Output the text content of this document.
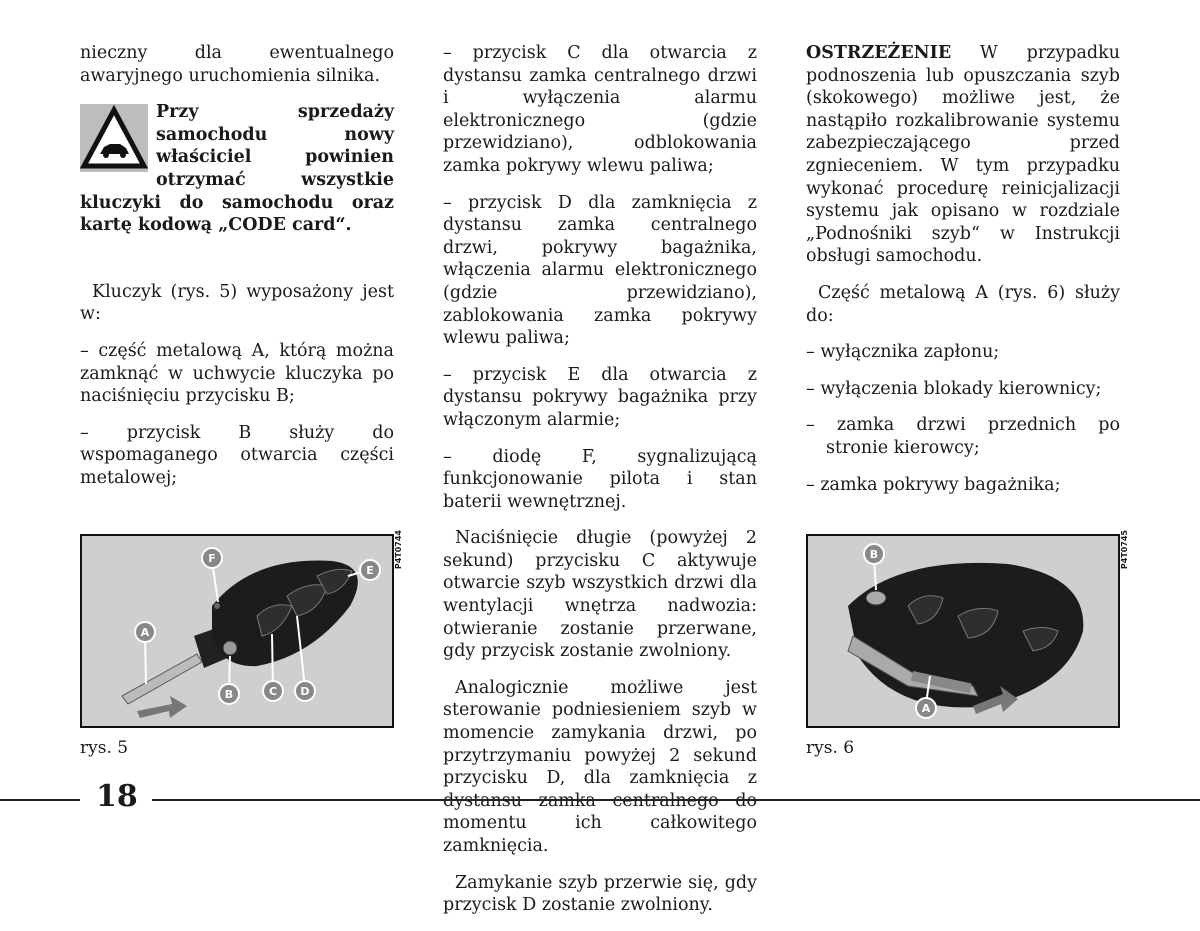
nieczny dla ewentualnego awaryjnego uruchomienia silnika.

Przy sprzedaży samochodu nowy właściciel powinien otrzymać wszystkie kluczyki do samochodu oraz kartę kodową „CODE card“.

Kluczyk (rys. 5) wyposażony jest w:

– część metalową A, którą można zamknąć w uchwycie kluczyka po naciśnięciu przycisku B;

– przycisk B służy do wspomaganego otwarcia części metalowej;

– przycisk C dla otwarcia z dystansu zamka centralnego drzwi i wyłączenia alarmu elektronicznego (gdzie przewidziano), odblokowania zamka pokrywy wlewu paliwa;

– przycisk D dla zamknięcia z dystansu zamka centralnego drzwi, pokrywy bagażnika, włączenia alarmu elektronicznego (gdzie przewidziano), zablokowania zamka pokrywy wlewu paliwa;

– przycisk E dla otwarcia z dystansu pokrywy bagażnika przy włączonym alarmie;

– diodę F, sygnalizującą funkcjonowanie pilota i stan baterii wewnętrznej.

Naciśnięcie długie (powyżej 2 sekund) przycisku C aktywuje otwarcie szyb wszystkich drzwi dla wentylacji wnętrza nadwozia: otwieranie zostanie przerwane, gdy przycisk zostanie zwolniony.

Analogicznie możliwe jest sterowanie podniesieniem szyb w momencie zamykania drzwi, po przytrzymaniu powyżej 2 sekund przycisku D, dla zamknięcia z momentu ich całkowitego zamknięcia.

Zamykanie szyb przerwie się, gdy przycisk D zostanie zwolniony.

OSTRZEŻENIE W przypadku podnoszenia lub opuszczania szyb (skokowego) możliwe jest, że nastąpiło rozkalibrowanie systemu zabezpieczającego przed zgnieceniem. W tym przypadku wykonać procedurę reinicjalizacji systemu jak opisano w rozdziale „Podnośniki szyb“ w Instrukcji obsługi samochodu.

Część metalową A (rys. 6) służy do:

– wyłącznika zapłonu;

– wyłączenia blokady kierownicy;

– zamka drzwi przednich po stronie kierowcy;

– zamka pokrywy bagażnika;

F
E
A
B	C D
P4T0744
rys. 5
B
A
P4T0745
rys. 6
18
